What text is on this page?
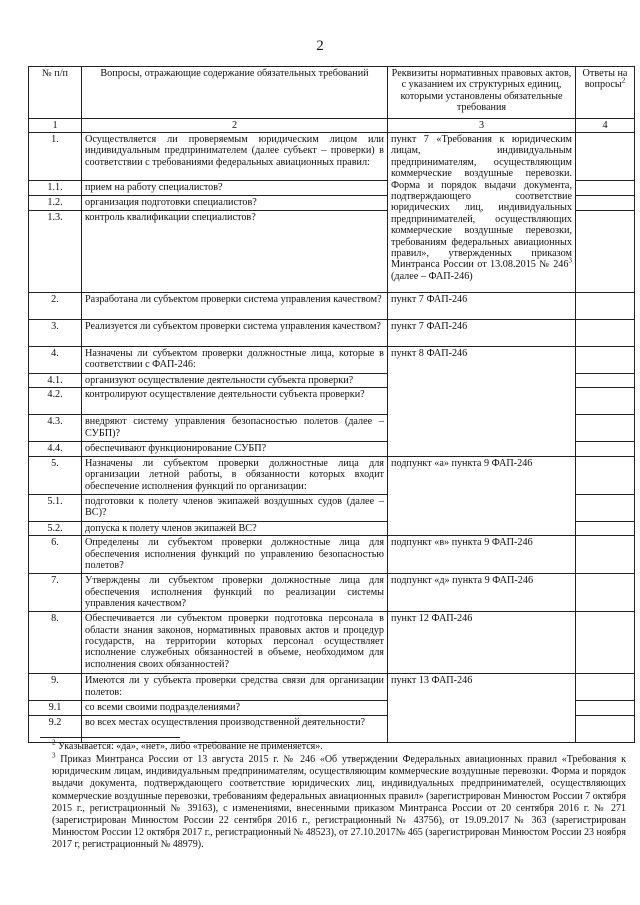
2
№ п/п	Вопросы, отражающие содержание обязательных требований	Реквизиты нормативных правовых актов, с указанием их структурных единиц, которыми установлены обязательные требования	Ответы на вопросы$^2$
1	2	3	4
1.	Осуществляется ли проверяемым юридическим лицом или индивидуальным предпринимателем (далее субъект – проверки) в соответствии с требованиями федеральных авиационных правил:	пункт 7 «Требования к юридическим лицам, индивидуальным предпринимателям, осуществляющим коммерческие воздушные перевозки. Форма и порядок выдачи документа, подтверждающего соответствие юридических лиц, индивидуальных предпринимателей, осуществляющих коммерческие воздушные перевозки, требованиям федеральных авиационных правил», утвержденных приказом Минтранса России от 13.08.2015 № $246^3$ (далее – ФАП-246)	
1.1.	прием на работу специалистов?		
1.2.	организация подготовки специалистов?		
1.3.	контроль квалификации специалистов?		
2.	Разработана ли субъектом проверки система управления качеством?	пункт 7 ФАП-246	
3.	Реализуется ли субъектом проверки система управления качеством?	пункт 7 ФАП-246	
4.	Назначены ли субъектом проверки должностные лица, которые в соответствии с ФАП-246:	пункт 8 ФАП-246	
4.1.	организуют осуществление деятельности субъекта проверки?		
4.2.	контролируют осуществление деятельности субъекта проверки?		
4.3.	внедряют систему управления безопасностью полетов (далее – СУБП)?		
4.4.	обеспечивают функционирование СУБП?		
5.	Назначены ли субъектом проверки должностные лица для организации летной работы, в обязанности которых входит обеспечение исполнения функций по организации:	подпункт «а» пункта 9 ФАП-246	
5.1.	подготовки к полету членов экипажей воздушных судов (далее – ВС)?		
5.2.	допуска к полету членов экипажей ВС?		
6.	Определены ли субъектом проверки должностные лица для обеспечения исполнения функций по управлению безопасностью полетов?	подпункт «в» пункта 9 ФАП-246	
7.	Утверждены ли субъектом проверки должностные лица для обеспечения исполнения функций по реализации системы управления качеством?	подпункт «д» пункта 9 ФАП-246	
8.	Обеспечивается ли субъектом проверки подготовка персонала в области знания законов, нормативных правовых актов и процедур государств, на территории которых персонал осуществляет исполнение служебных обязанностей в объеме, необходимом для исполнения своих обязанностей?	пункт 12 ФАП-246	
9.	Имеются ли у субъекта проверки средства связи для организации полетов:	пункт 13 ФАП-246	
9.1	со всеми своими подразделениями?		
9.2	во всех местах осуществления производственной деятельности?		
$^2$ Указывается: «да», «нет», либо «требование не применяется».
$^3$ Приказ Минтранса России от 13 августа 2015 г. № 246 «Об утверждении Федеральных авиационных правил «Требования к юридическим лицам, индивидуальным предпринимателям, осуществляющим коммерческие воздушные перевозки. Форма и порядок выдачи документа, подтверждающего соответствие юридических лиц, индивидуальных предпринимателей, осуществляющих коммерческие воздушные перевозки, требованиям федеральных авиационных правил» (зарегистрирован Минюстом России 7 октября 2015 г., регистрационный № 39163), с изменениями, внесенными приказом Минтранса России от 20 сентября 2016 г. № 271 (зарегистрирован Минюстом России 22 сентября 2016 г., регистрационный № 43756), от 19.09.2017 № 363 (зарегистрирован Минюстом России 12 октября 2017 г., регистрационный № 48523), от 27.10.2017№ 465 (зарегистрирован Минюстом России 23 ноября 2017 г, регистрационный № 48979).
